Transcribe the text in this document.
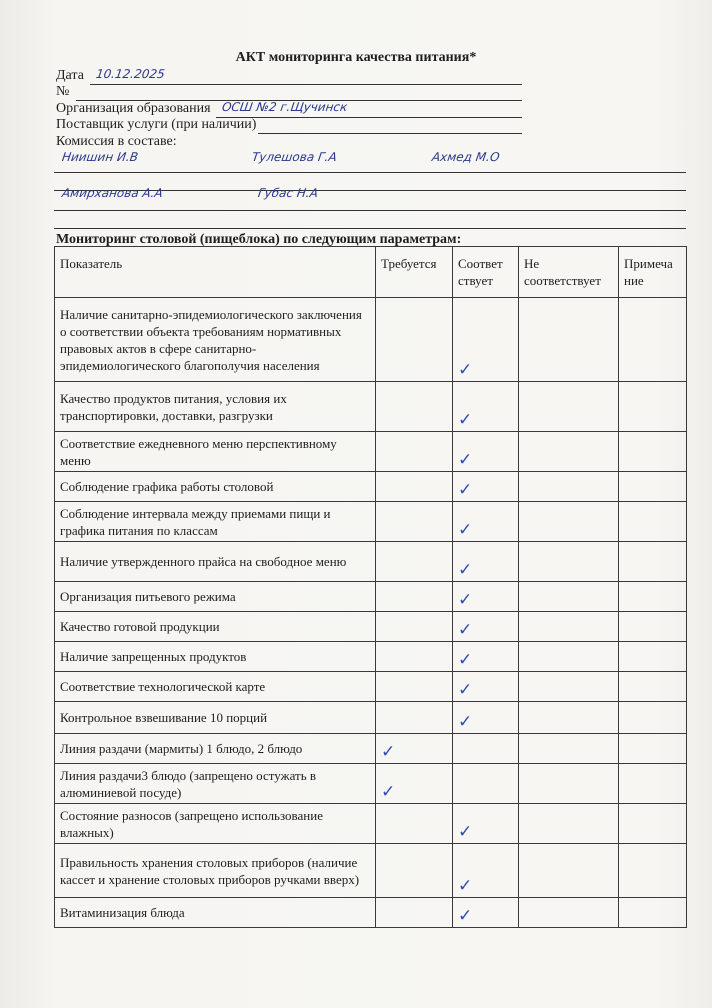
АКТ мониторинга качества питания*
Дата 10.12.2025
№
Организация образования ОСШ №2 г.Щучинск
Поставщик услуги (при наличии)
Комиссия в составе:
Ниишин И.В	Тулешова Г.А	Ахмед М.О
Амирханова А.А	Губас Н.А
Мониторинг столовой (пищеблока) по следующим параметрам:
Показатель	Требуется	Соответ ствует	Не соответствует	Примеча ние
Наличие санитарно-эпидемиологического заключения о соответствии объекта требованиям нормативных правовых актов в сфере санитарно-эпидемиологического благополучия населения		✓		
Качество продуктов питания, условия их транспортировки, доставки, разгрузки		✓		
Соответствие ежедневного меню перспективному меню		✓		
Соблюдение графика работы столовой		✓		
Соблюдение интервала между приемами пищи и графика питания по классам		✓		
Наличие утвержденного прайса на свободное меню		✓		
Организация питьевого режима		✓		
Качество готовой продукции		✓		
Наличие запрещенных продуктов		✓		
Соответствие технологической карте		✓		
Контрольное взвешивание 10 порций		✓		
Линия раздачи (мармиты) 1 блюдо, 2 блюдо	✓			
Линия раздачи3 блюдо (запрещено остужать в алюминиевой посуде)	✓			
Состояние разносов (запрещено использование влажных)		✓		
Правильность хранения столовых приборов (наличие кассет и хранение столовых приборов ручками вверх)		✓		
Витаминизация блюда		✓		
